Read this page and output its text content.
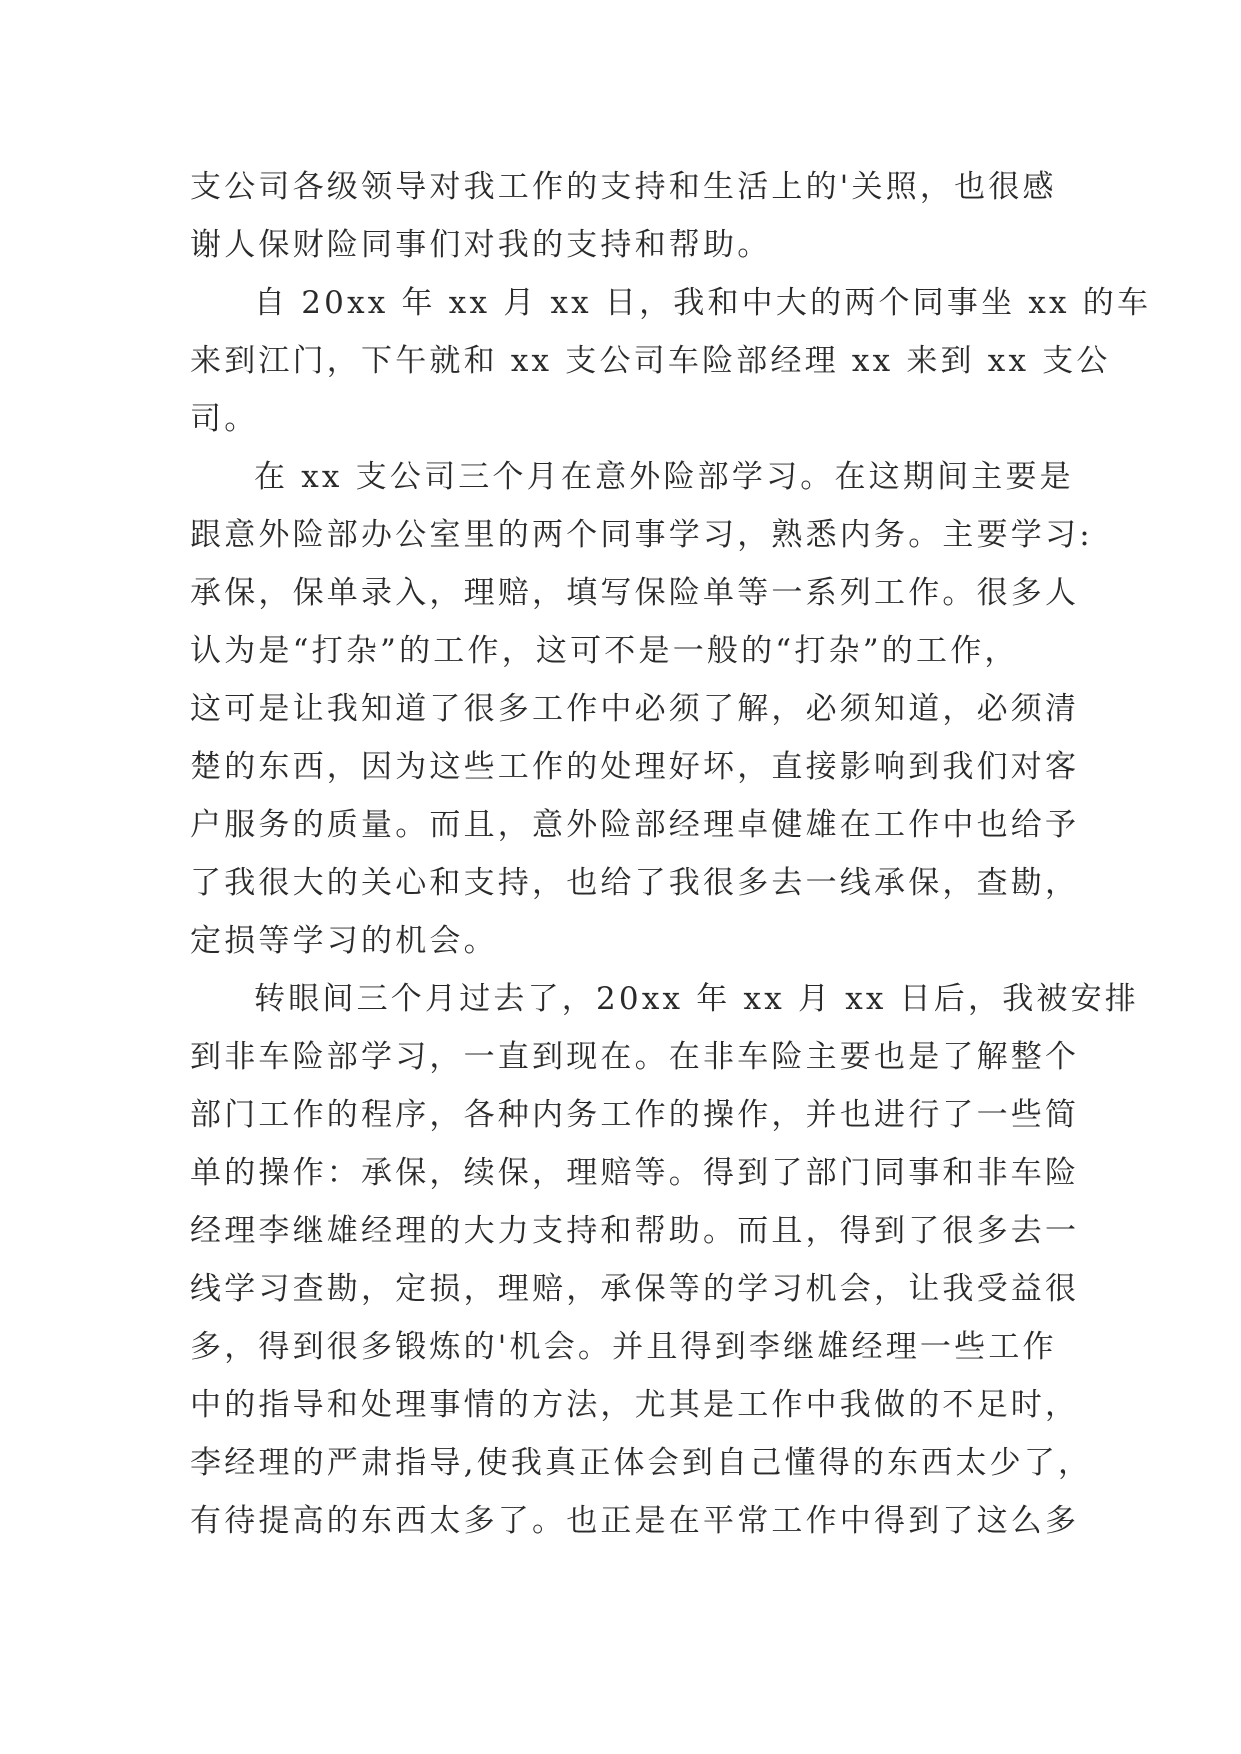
支公司各级领导对我工作的支持和生活上的'关照，也很感
谢人保财险同事们对我的支持和帮助。
自 20xx 年 xx 月 xx 日，我和中大的两个同事坐 xx 的车
来到江门，下午就和 xx 支公司车险部经理 xx 来到 xx 支公
司。
在 xx 支公司三个月在意外险部学习。在这期间主要是
跟意外险部办公室里的两个同事学习，熟悉内务。主要学习:
承保，保单录入，理赔，填写保险单等一系列工作。很多人
认为是“打杂”的工作，这可不是一般的“打杂”的工作，
这可是让我知道了很多工作中必须了解，必须知道，必须清
楚的东西，因为这些工作的处理好坏，直接影响到我们对客
户服务的质量。而且，意外险部经理卓健雄在工作中也给予
了我很大的关心和支持，也给了我很多去一线承保，查勘，
定损等学习的机会。
转眼间三个月过去了，20xx 年 xx 月 xx 日后，我被安排
到非车险部学习，一直到现在。在非车险主要也是了解整个
部门工作的程序，各种内务工作的操作，并也进行了一些简
单的操作：承保，续保，理赔等。得到了部门同事和非车险
经理李继雄经理的大力支持和帮助。而且，得到了很多去一
线学习查勘，定损，理赔，承保等的学习机会，让我受益很
多，得到很多锻炼的'机会。并且得到李继雄经理一些工作
中的指导和处理事情的方法，尤其是工作中我做的不足时，
李经理的严肃指导,使我真正体会到自己懂得的东西太少了，
有待提高的东西太多了。也正是在平常工作中得到了这么多
